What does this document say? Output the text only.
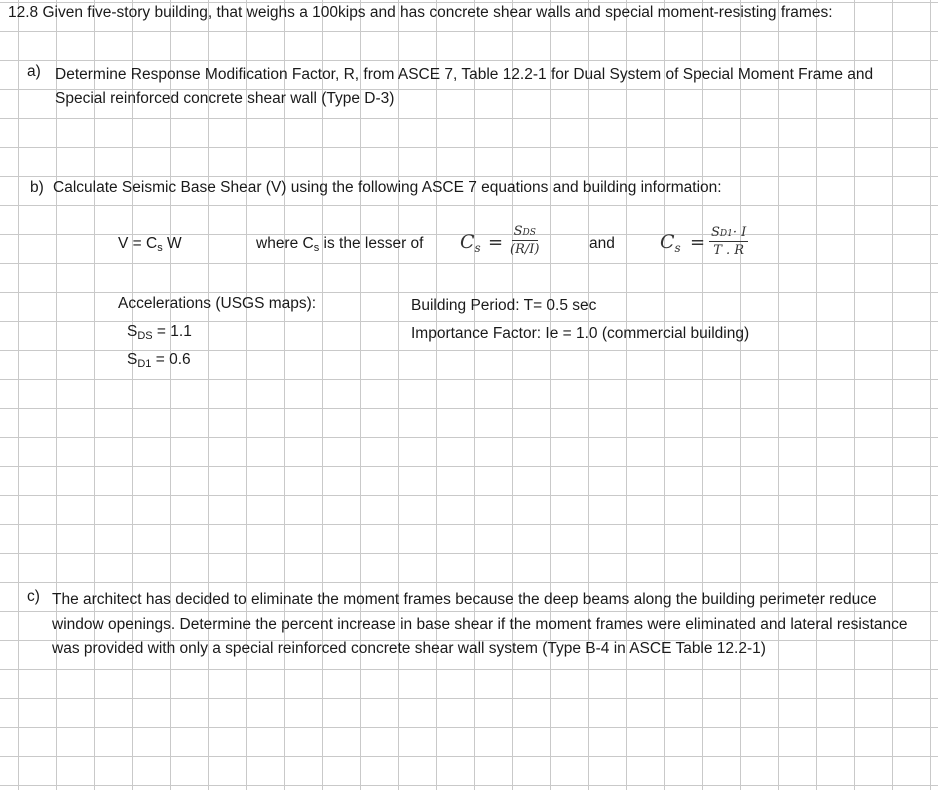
12.8 Given five-story building, that weighs a 100kips and has concrete shear walls and special moment-resisting frames:
a) Determine Response Modification Factor, R, from ASCE 7, Table 12.2-1 for Dual System of Special Moment Frame and Special reinforced concrete shear wall (Type D-3)
b) Calculate Seismic Base Shear (V) using the following ASCE 7 equations and building information:
$V = C_s$ W	where $C_s$ is the lesser of $C_s$ =
SDS
(R/I)	and $C_s = \frac{SD1\cdot I}{T . R}$
Accelerations (USGS maps):
$S_{DS} = 1.1$
$S_{D1} = 0.6$
Building Period: T= 0.5 sec
Importance Factor: Ie = 1.0 (commercial building)
c) The architect has decided to eliminate the moment frames because the deep beams along the building perimeter reduce window openings. Determine the percent increase in base shear if the moment frames were eliminated and lateral resistance was provided with only a special reinforced concrete shear wall system (Type B-4 in ASCE Table 12.2-1)
